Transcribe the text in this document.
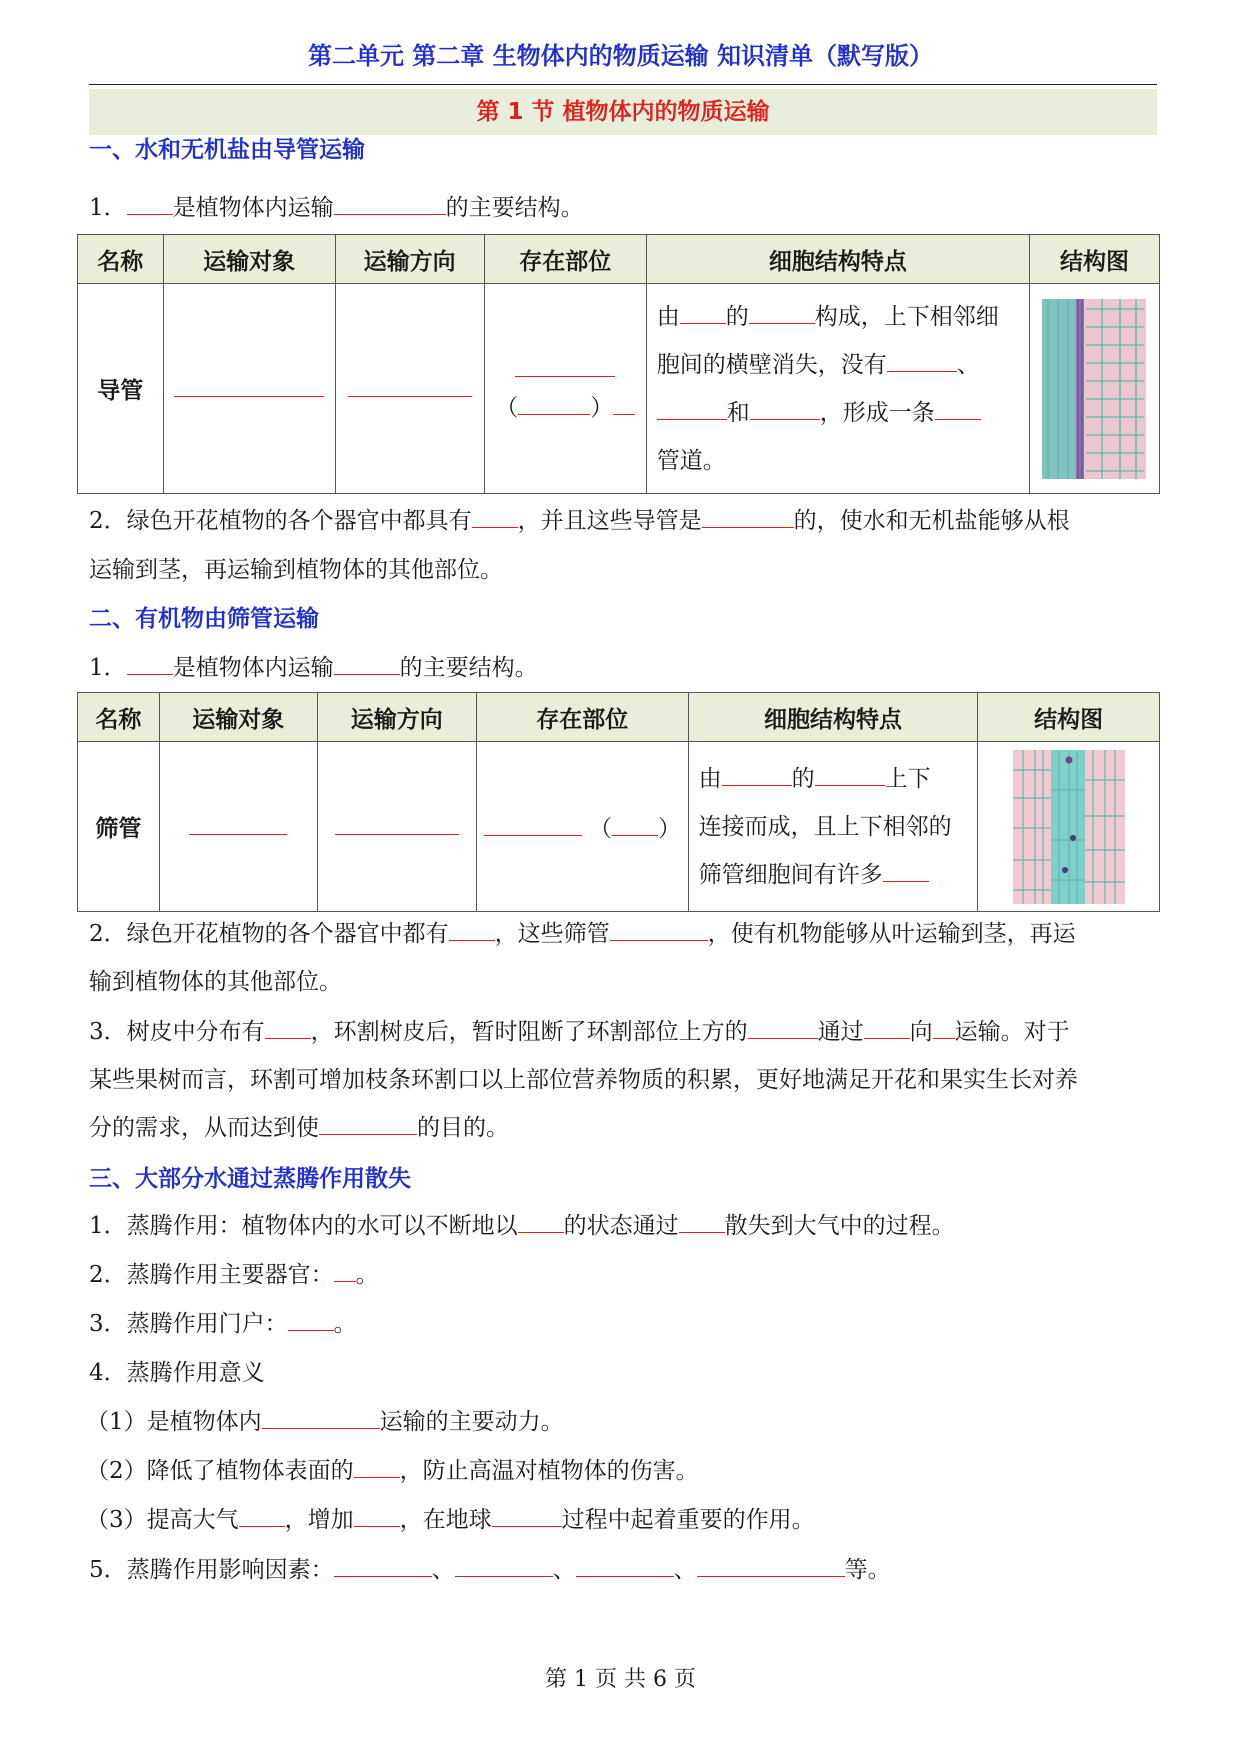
第二单元 第二章 生物体内的物质运输 知识清单（默写版）
第 1 节 植物体内的物质运输
一、水和无机盐由导管运输
1． 是植物体内运输	的主要结构。
名称	运输对象	运输方向	存在部位	细胞结构特点	结构图
导管			（ ）	由 的 构成，上下相邻细
胞间的横壁消失，没有 、
和 ，形成一条
管道。

2．绿色开花植物的各个器官中都具有 ，并且这些导管是	的，使水和无机盐能够从根
运输到茎，再运输到植物体的其他部位。
二、有机物由筛管运输
1． 是植物体内运输	的主要结构。
名称	运输对象	运输方向	存在部位	细胞结构特点	结构图
筛管			（ ）	由 的 上下
连接而成，且上下相邻的
筛管细胞间有许多

2．绿色开花植物的各个器官中都有 ，这些筛管	，使有机物能够从叶运输到茎，再运
输到植物体的其他部位。
3．树皮中分布有 ，环割树皮后，暂时阻断了环割部位上方的	通过 向 运输。对于
某些果树而言，环割可增加枝条环割口以上部位营养物质的积累，更好地满足开花和果实生长对养
分的需求，从而达到使	的目的。
三、大部分水通过蒸腾作用散失
1．蒸腾作用：植物体内的水可以不断地以 的状态通过 散失到大气中的过程。
2．蒸腾作用主要器官： 。
3．蒸腾作用门户： 。
4．蒸腾作用意义
（1）是植物体内	运输的主要动力。
（2）降低了植物体表面的 ，防止高温对植物体的伤害。
（3）提高大气 ，增加 ，在地球	过程中起着重要的作用。
5．蒸腾作用影响因素：	、	、	、	等。
第 1 页 共 6 页
